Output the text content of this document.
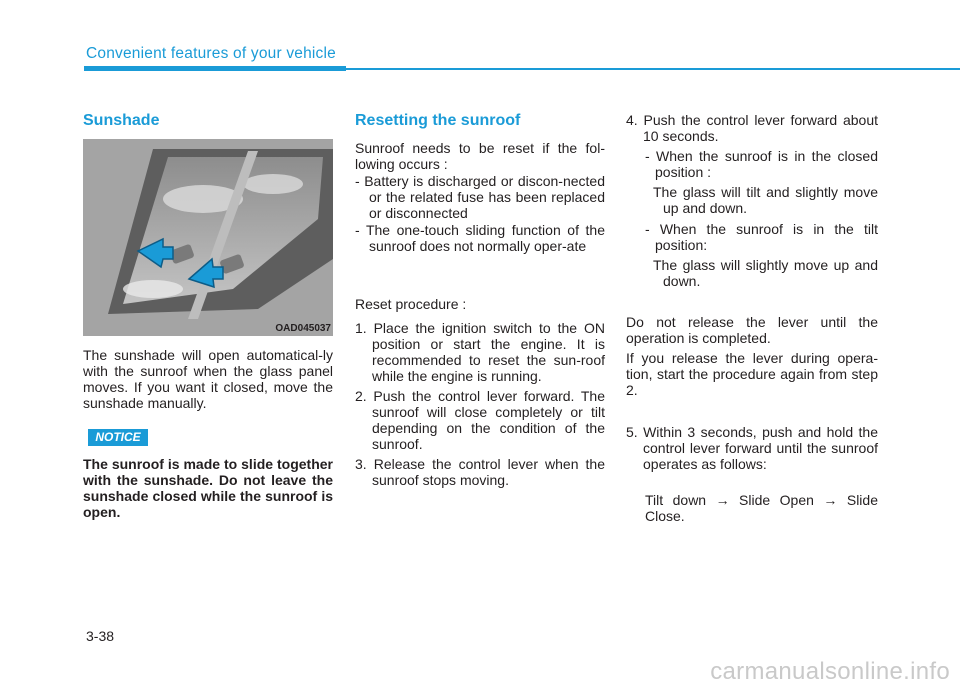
Convenient features of your vehicle
Sunshade
OAD045037
The sunshade will open automatical-ly with the sunroof when the glass panel moves. If you want it closed, move the sunshade manually.
NOTICE
The sunroof is made to slide together with the sunshade. Do not leave the sunshade closed while the sunroof is open.
Resetting the sunroof
Sunroof needs to be reset if the fol-lowing occurs :
- Battery is discharged or discon-nected or the related fuse has been replaced or disconnected
- The one-touch sliding function of the sunroof does not normally oper-ate
Reset procedure :
1. Place the ignition switch to the ON position or start the engine. It is recommended to reset the sun-roof while the engine is running.
2. Push the control lever forward. The sunroof will close completely or tilt depending on the condition of the sunroof.
3. Release the control lever when the sunroof stops moving.
4. Push the control lever forward about 10 seconds.
- When the sunroof is in the closed position :
The glass will tilt and slightly move up and down.
- When the sunroof is in the tilt position:
The glass will slightly move up and down.
Do not release the lever until the operation is completed.
If you release the lever during opera-tion, start the procedure again from step 2.
5. Within 3 seconds, push and hold the control lever forward until the sunroof operates as follows:
Tilt down → Slide Open → Slide Close.
3-38
carmanualsonline.info
